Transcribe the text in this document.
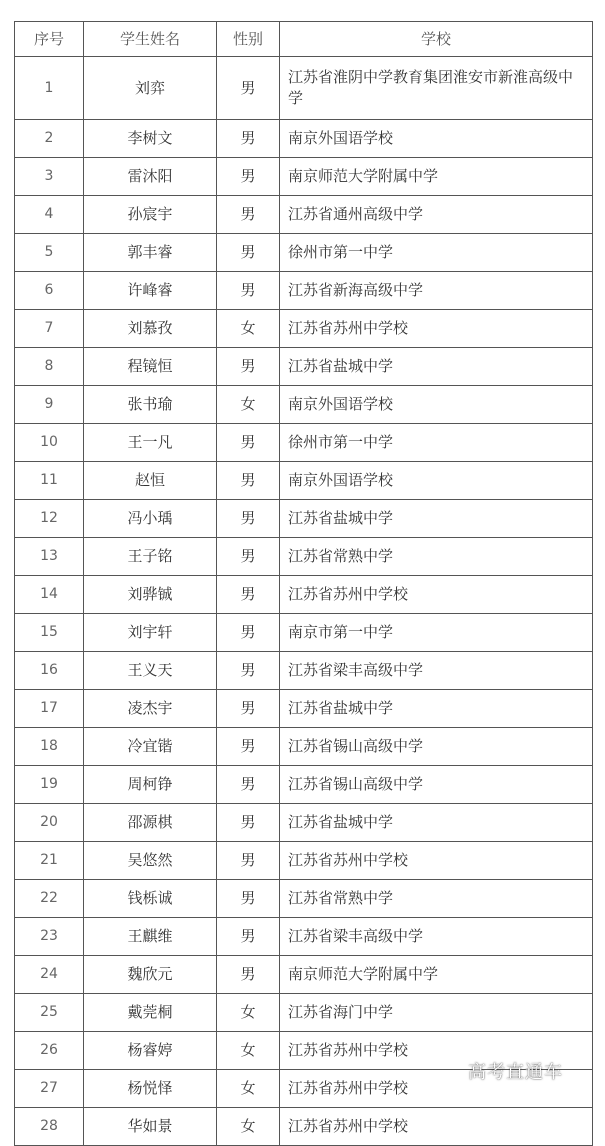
序号	学生姓名	性别	学校
1	刘弈	男	江苏省淮阴中学教育集团淮安市新淮高级中学
2	李树文	男	南京外国语学校
3	雷沐阳	男	南京师范大学附属中学
4	孙宸宇	男	江苏省通州高级中学
5	郭丰睿	男	徐州市第一中学
6	许峰睿	男	江苏省新海高级中学
7	刘慕孜	女	江苏省苏州中学校
8	程镜恒	男	江苏省盐城中学
9	张书瑜	女	南京外国语学校
10	王一凡	男	徐州市第一中学
11	赵恒	男	南京外国语学校
12	冯小瑀	男	江苏省盐城中学
13	王子铭	男	江苏省常熟中学
14	刘骅铖	男	江苏省苏州中学校
15	刘宇轩	男	南京市第一中学
16	王义天	男	江苏省梁丰高级中学
17	凌杰宇	男	江苏省盐城中学
18	冷宜锴	男	江苏省锡山高级中学
19	周柯铮	男	江苏省锡山高级中学
20	邵源棋	男	江苏省盐城中学
21	吴悠然	男	江苏省苏州中学校
22	钱栎诚	男	江苏省常熟中学
23	王麒维	男	江苏省梁丰高级中学
24	魏欣元	男	南京师范大学附属中学
25	戴莞桐	女	江苏省海门中学
26	杨睿婷	女	江苏省苏州中学校
27	杨悦怿	女	江苏省苏州中学校
28	华如景	女	江苏省苏州中学校
高考直通车
